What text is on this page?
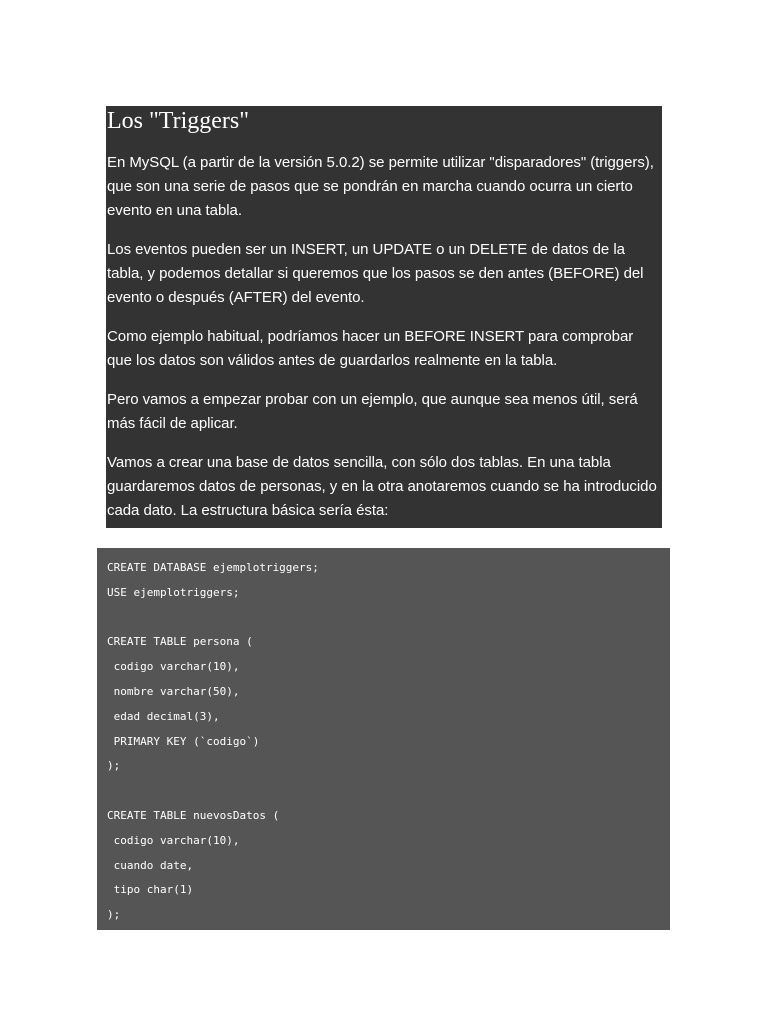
Los "Triggers"

En MySQL (a partir de la versión 5.0.2) se permite utilizar "disparadores" (triggers), que son una serie de pasos que se pondrán en marcha cuando ocurra un cierto evento en una tabla.

Los eventos pueden ser un INSERT, un UPDATE o un DELETE de datos de la tabla, y podemos detallar si queremos que los pasos se den antes (BEFORE) del evento o después (AFTER) del evento.

Como ejemplo habitual, podríamos hacer un BEFORE INSERT para comprobar que los datos son válidos antes de guardarlos realmente en la tabla.

Pero vamos a empezar probar con un ejemplo, que aunque sea menos útil, será más fácil de aplicar.

Vamos a crear una base de datos sencilla, con sólo dos tablas. En una tabla guardaremos datos de personas, y en la otra anotaremos cuando se ha introducido cada dato. La estructura básica sería ésta:

CREATE DATABASE ejemplotriggers;
USE ejemplotriggers;
CREATE TABLE persona (
codigo varchar(10),
nombre varchar(50),
edad decimal(3),
PRIMARY KEY (`codigo`)
);
CREATE TABLE nuevosDatos (
codigo varchar(10),
cuando date,
tipo char(1)
);
